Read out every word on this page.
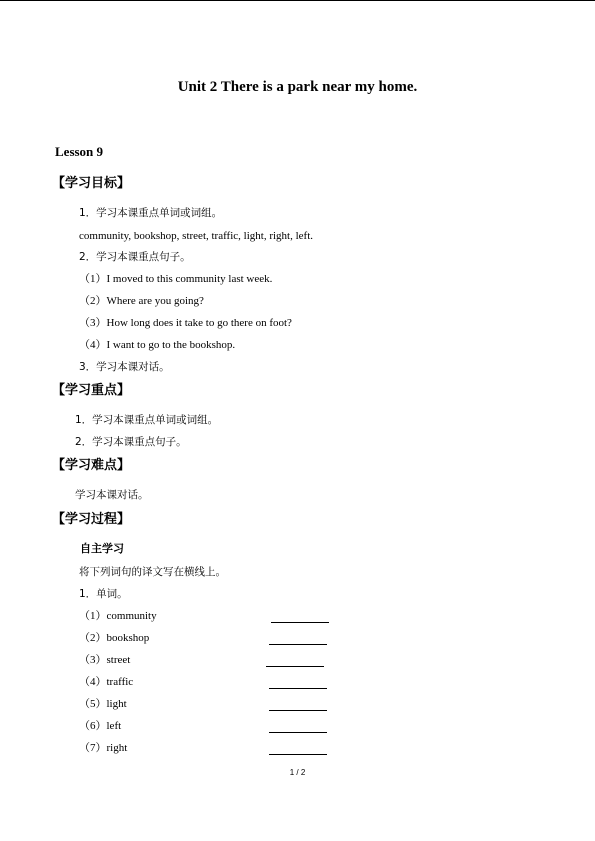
Unit 2 There is a park near my home.
Lesson 9
【学习目标】
1．学习本课重点单词或词组。
community, bookshop, street, traffic, light, right, left.
2．学习本课重点句子。
（1）I moved to this community last week.
（2）Where are you going?
（3）How long does it take to go there on foot?
（4）I want to go to the bookshop.
3．学习本课对话。
【学习重点】
1．学习本课重点单词或词组。
2．学习本课重点句子。
【学习难点】
学习本课对话。
【学习过程】
自主学习
将下列词句的译文写在横线上。
1．单词。
（1）community
（2）bookshop
（3）street
（4）traffic
（5）light
（6）left
（7）right
1 / 2
